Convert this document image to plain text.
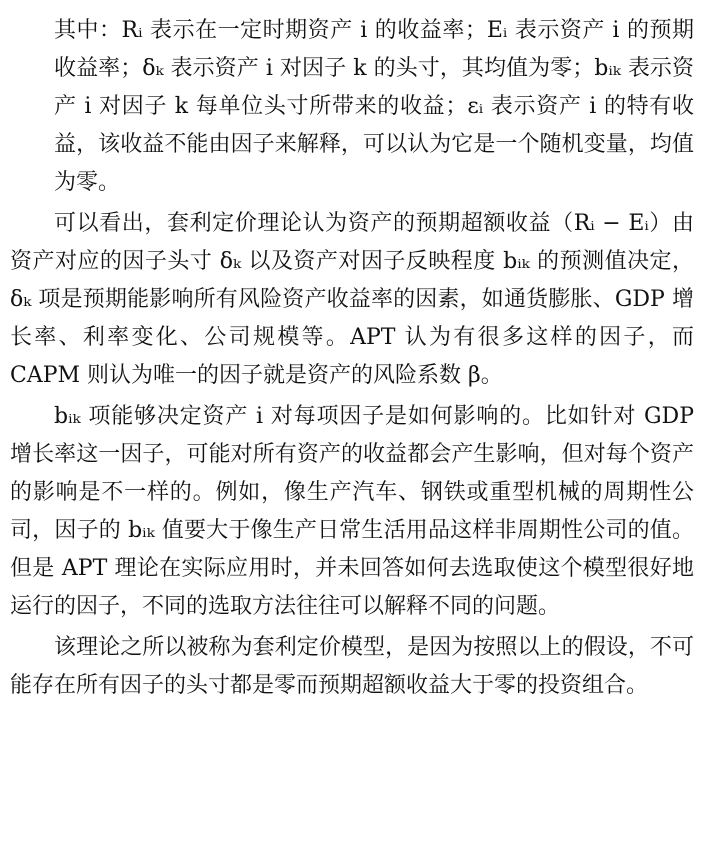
其中：Rᵢ 表示在一定时期资产 i 的收益率；Eᵢ 表示资产 i 的预期收益率；δₖ 表示资产 i 对因子 k 的头寸，其均值为零；bᵢₖ 表示资产 i 对因子 k 每单位头寸所带来的收益；εᵢ 表示资产 i 的特有收益，该收益不能由因子来解释，可以认为它是一个随机变量，均值为零。

可以看出，套利定价理论认为资产的预期超额收益（Rᵢ − Eᵢ）由资产对应的因子头寸 δₖ 以及资产对因子反映程度 bᵢₖ 的预测值决定，δₖ 项是预期能影响所有风险资产收益率的因素，如通货膨胀、GDP 增长率、利率变化、公司规模等。APT 认为有很多这样的因子，而 CAPM 则认为唯一的因子就是资产的风险系数 β。

bᵢₖ 项能够决定资产 i 对每项因子是如何影响的。比如针对 GDP 增长率这一因子，可能对所有资产的收益都会产生影响，但对每个资产的影响是不一样的。例如，像生产汽车、钢铁或重型机械的周期性公司，因子的 bᵢₖ 值要大于像生产日常生活用品这样非周期性公司的值。但是 APT 理论在实际应用时，并未回答如何去选取使这个模型很好地运行的因子，不同的选取方法往往可以解释不同的问题。

该理论之所以被称为套利定价模型，是因为按照以上的假设，不可能存在所有因子的头寸都是零而预期超额收益大于零的投资组合。
